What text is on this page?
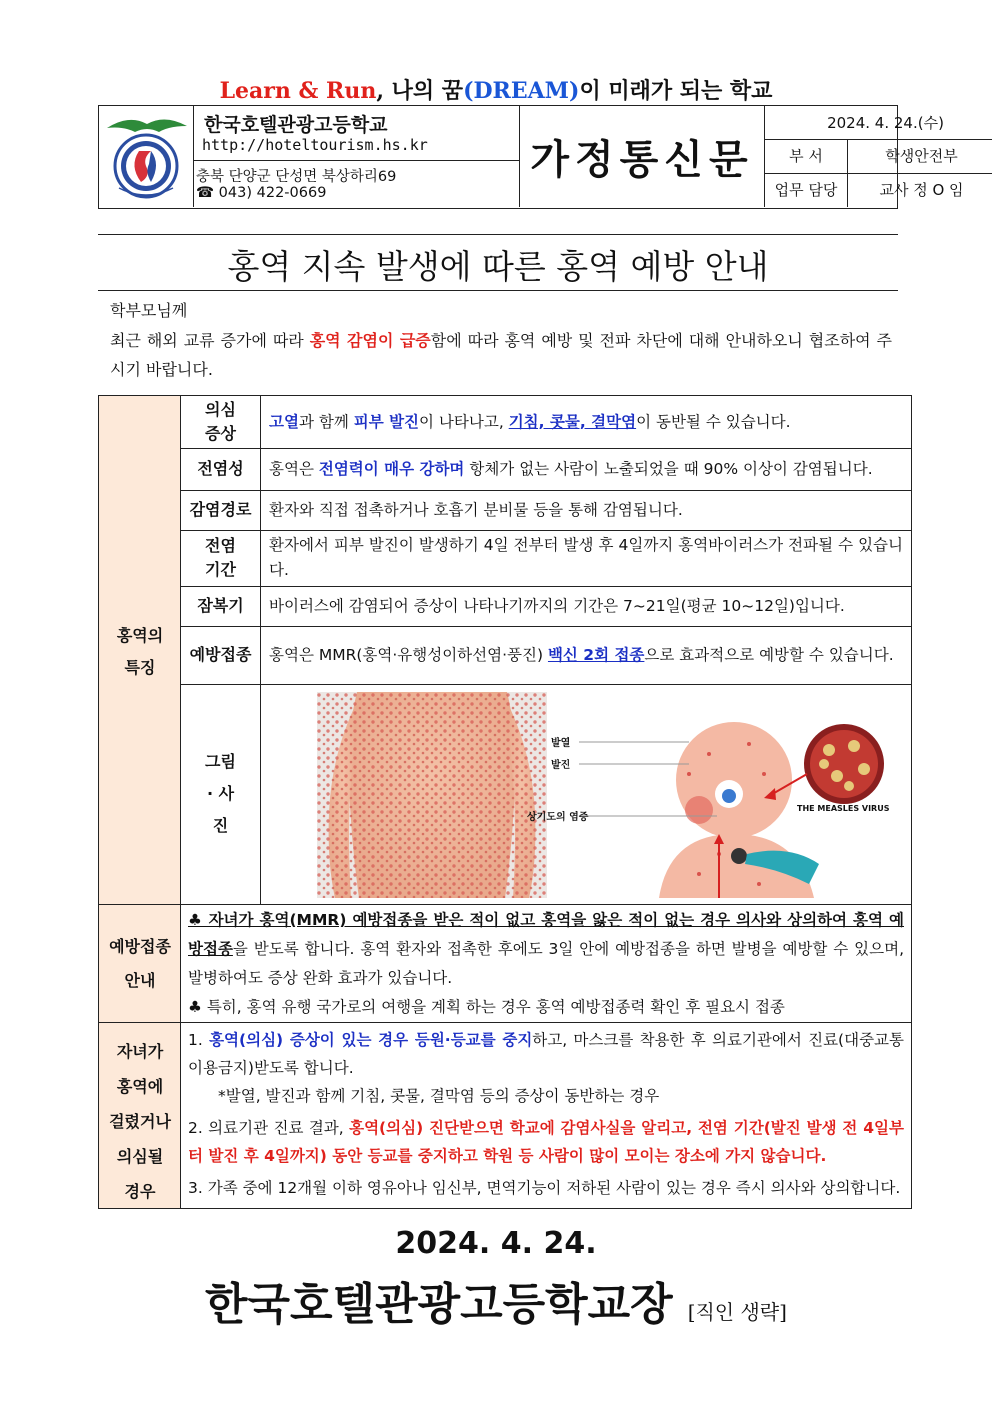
Learn & Run, 나의 꿈(DREAM)이 미래가 되는 학교
한국호텔관광고등학교
http://hoteltourism.hs.kr
충북 단양군 단성면 북상하리69
☎ 043) 422-0669
가정통신문
2024. 4. 24.(수)
부 서	학생안전부
업무 담당	교사 정 O 임
홍역 지속 발생에 따른 홍역 예방 안내
학부모님께
최근 해외 교류 증가에 따라 홍역 감염이 급증함에 따라 홍역 예방 및 전파 차단에 대해 안내하오니 협조하여 주시기 바랍니다.
홍역의 특징
예방접종 안내
자녀가 홍역에 걸렸거나 의심될 경우
의심 증상
전염성
감염경로
전염 기간
잠복기
예방접종
그림 · 사진
고열과 함께 피부 발진이 나타나고, 기침, 콧물, 결막염이 동반될 수 있습니다.
홍역은 전염력이 매우 강하며 항체가 없는 사람이 노출되었을 때 90% 이상이 감염됩니다.
환자와 직접 접촉하거나 호흡기 분비물 등을 통해 감염됩니다.
환자에서 피부 발진이 발생하기 4일 전부터 발생 후 4일까지 홍역바이러스가 전파될 수 있습니다.
바이러스에 감염되어 증상이 나타나기까지의 기간은 7~21일(평균 10~12일)입니다.
홍역은 MMR(홍역·유행성이하선염·풍진) 백신 2회 접종으로 효과적으로 예방할 수 있습니다.
발열
발진
상기도의 염증
THE MEASLES VIRUS
♣ 자녀가 홍역(MMR) 예방접종을 받은 적이 없고 홍역을 앓은 적이 없는 경우 의사와 상의하여 홍역 예방접종을 받도록 합니다. 홍역 환자와 접촉한 후에도 3일 안에 예방접종을 하면 발병을 예방할 수 있으며, 발병하여도 증상 완화 효과가 있습니다.
♣ 특히, 홍역 유행 국가로의 여행을 계획 하는 경우 홍역 예방접종력 확인 후 필요시 접종
1. 홍역(의심) 증상이 있는 경우 등원·등교를 중지하고, 마스크를 착용한 후 의료기관에서 진료(대중교통이용금지)받도록 합니다.
*발열, 발진과 함께 기침, 콧물, 결막염 등의 증상이 동반하는 경우
2. 의료기관 진료 결과, 홍역(의심) 진단받으면 학교에 감염사실을 알리고, 전염 기간(발진 발생 전 4일부터 발진 후 4일까지) 동안 등교를 중지하고 학원 등 사람이 많이 모이는 장소에 가지 않습니다.
3. 가족 중에 12개월 이하 영유아나 임신부, 면역기능이 저하된 사람이 있는 경우 즉시 의사와 상의합니다.
2024. 4. 24.
한국호텔관광고등학교장 [직인 생략]
